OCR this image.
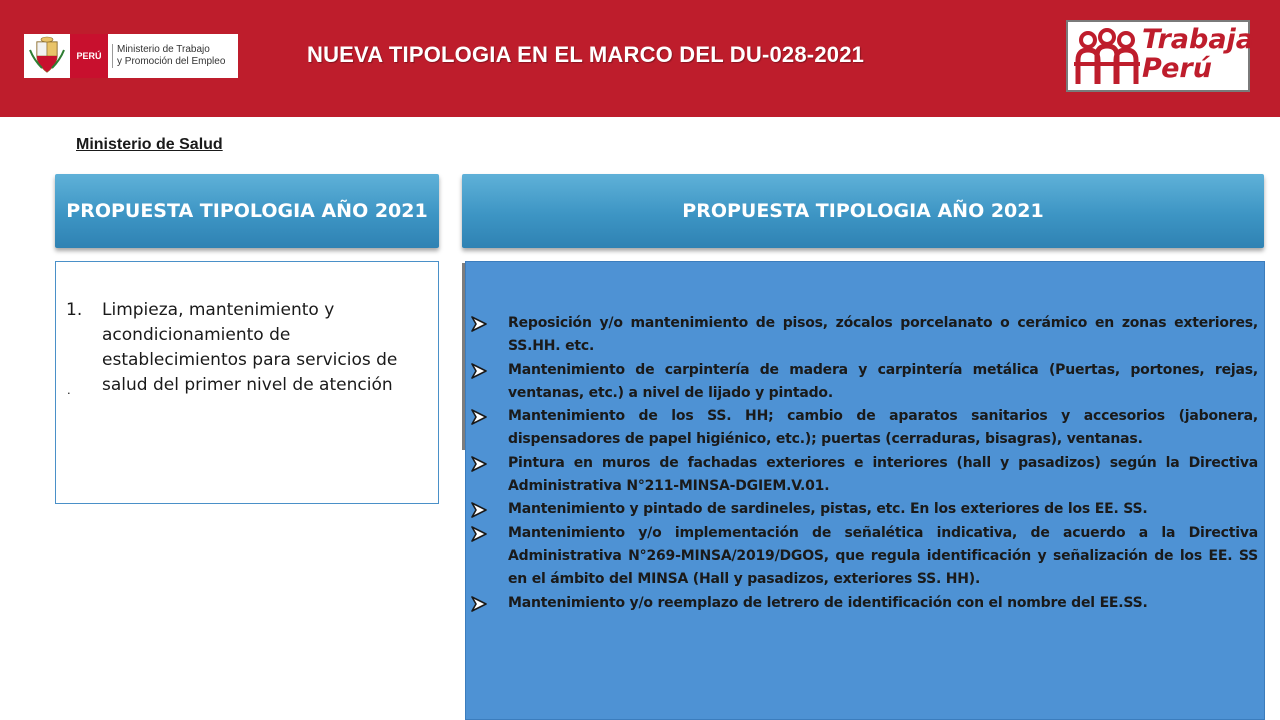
PERÚ
Ministerio de Trabajo
y Promoción del Empleo	NUEVA TIPOLOGIA EN EL MARCO DEL DU-028-2021	Trabaja
Perú
Ministerio de Salud
PROPUESTA TIPOLOGIA AÑO 2021	PROPUESTA TIPOLOGIA AÑO 2021
1. Limpieza, mantenimiento y acondicionamiento de establecimientos para servicios de salud del primer nivel de atención
.
Reposición y/o mantenimiento de pisos, zócalos porcelanato o cerámico en zonas exteriores, SS.HH. etc.
Mantenimiento de carpintería de madera y carpintería metálica (Puertas, portones, rejas, ventanas, etc.) a nivel de lijado y pintado.
Mantenimiento de los SS. HH; cambio de aparatos sanitarios y accesorios (jabonera, dispensadores de papel higiénico, etc.); puertas (cerraduras, bisagras), ventanas.
Pintura en muros de fachadas exteriores e interiores (hall y pasadizos) según la Directiva Administrativa N°211-MINSA-DGIEM.V.01.
Mantenimiento y pintado de sardineles, pistas, etc. En los exteriores de los EE. SS.
Mantenimiento y/o implementación de señalética indicativa, de acuerdo a la Directiva Administrativa N°269-MINSA/2019/DGOS, que regula identificación y señalización de los EE. SS en el ámbito del MINSA (Hall y pasadizos, exteriores SS. HH).
Mantenimiento y/o reemplazo de letrero de identificación con el nombre del EE.SS.
